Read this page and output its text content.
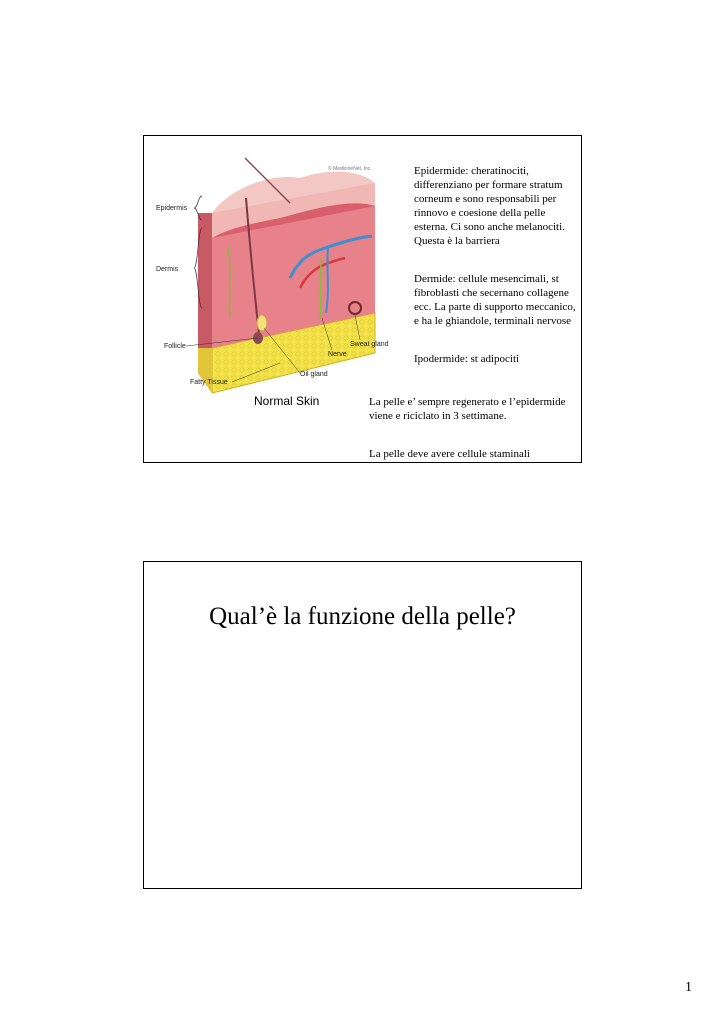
© MedicineNet, Inc.
Epidermis
Dermis
Follicle
Fatty Tissue
Oil gland
Nerve
Sweat gland
Normal Skin
Epidermide: cheratinociti, differenziano per formare stratum corneum e sono responsabili per rinnovo e coesione della pelle esterna. Ci sono anche melanociti. Questa è la barriera
Dermide: cellule mesencimali, st fibroblasti che secernano collagene ecc. La parte di supporto meccanico, e ha le ghiandole, terminali nervose
Ipodermide: st adipociti
La pelle e’ sempre regenerato e l’epidermide viene e riciclato in 3 settimane.
La pelle deve avere cellule staminali
Qual’è la funzione della pelle?
1
